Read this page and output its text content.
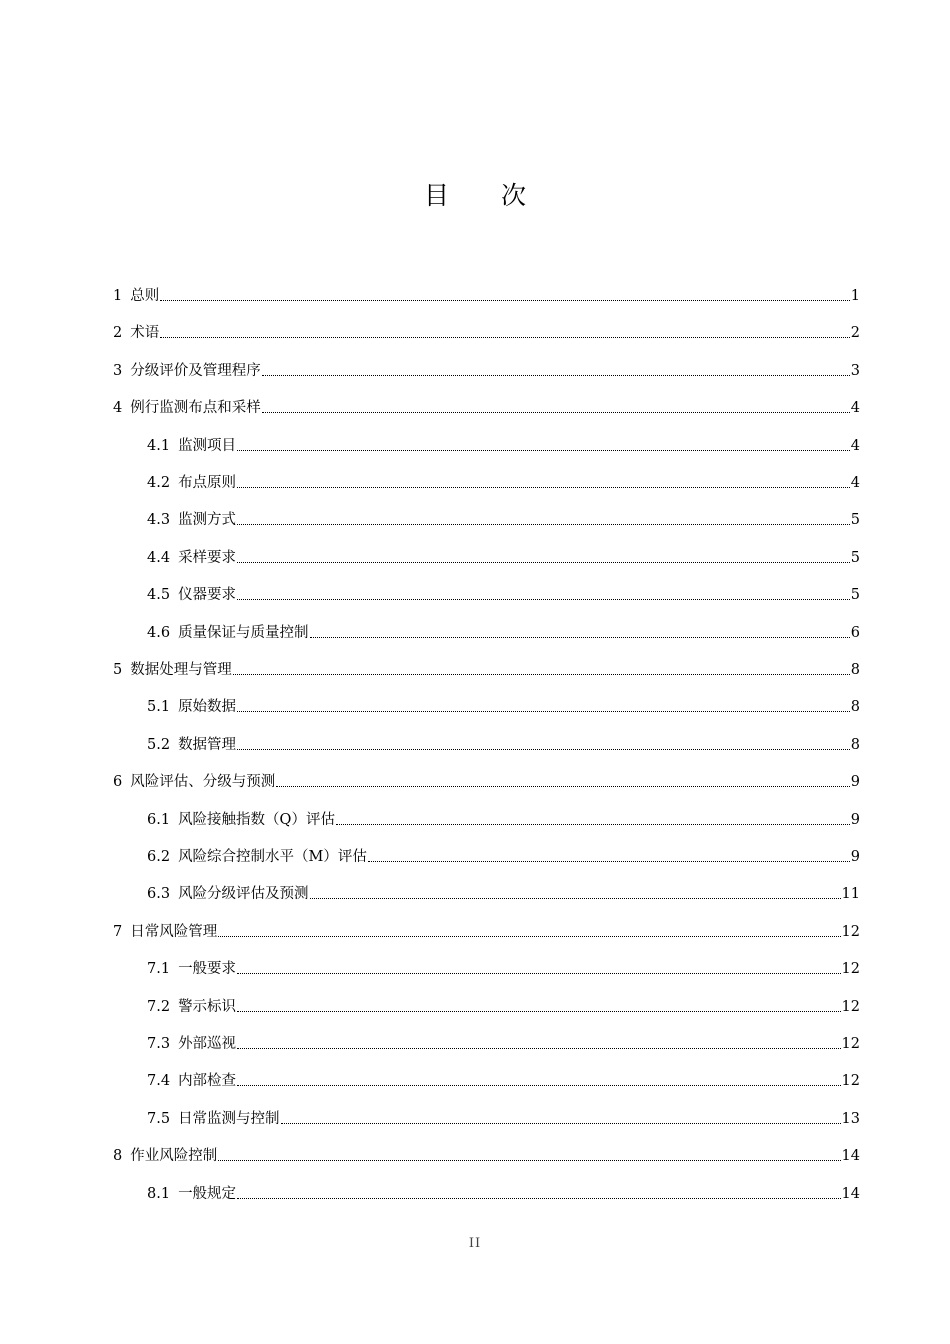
目 次
1 总则	1
2 术语	2
3 分级评价及管理程序	3
4 例行监测布点和采样	4
4.1 监测项目	4
4.2 布点原则	4
4.3 监测方式	5
4.4 采样要求	5
4.5 仪器要求	5
4.6 质量保证与质量控制	6
5 数据处理与管理	8
5.1 原始数据	8
5.2 数据管理	8
6 风险评估、分级与预测	9
6.1 风险接触指数（Q）评估	9
6.2 风险综合控制水平（M）评估	9
6.3 风险分级评估及预测	11
7 日常风险管理	12
7.1 一般要求	12
7.2 警示标识	12
7.3 外部巡视	12
7.4 内部检查	12
7.5 日常监测与控制	13
8 作业风险控制	14
8.1 一般规定	14
II
